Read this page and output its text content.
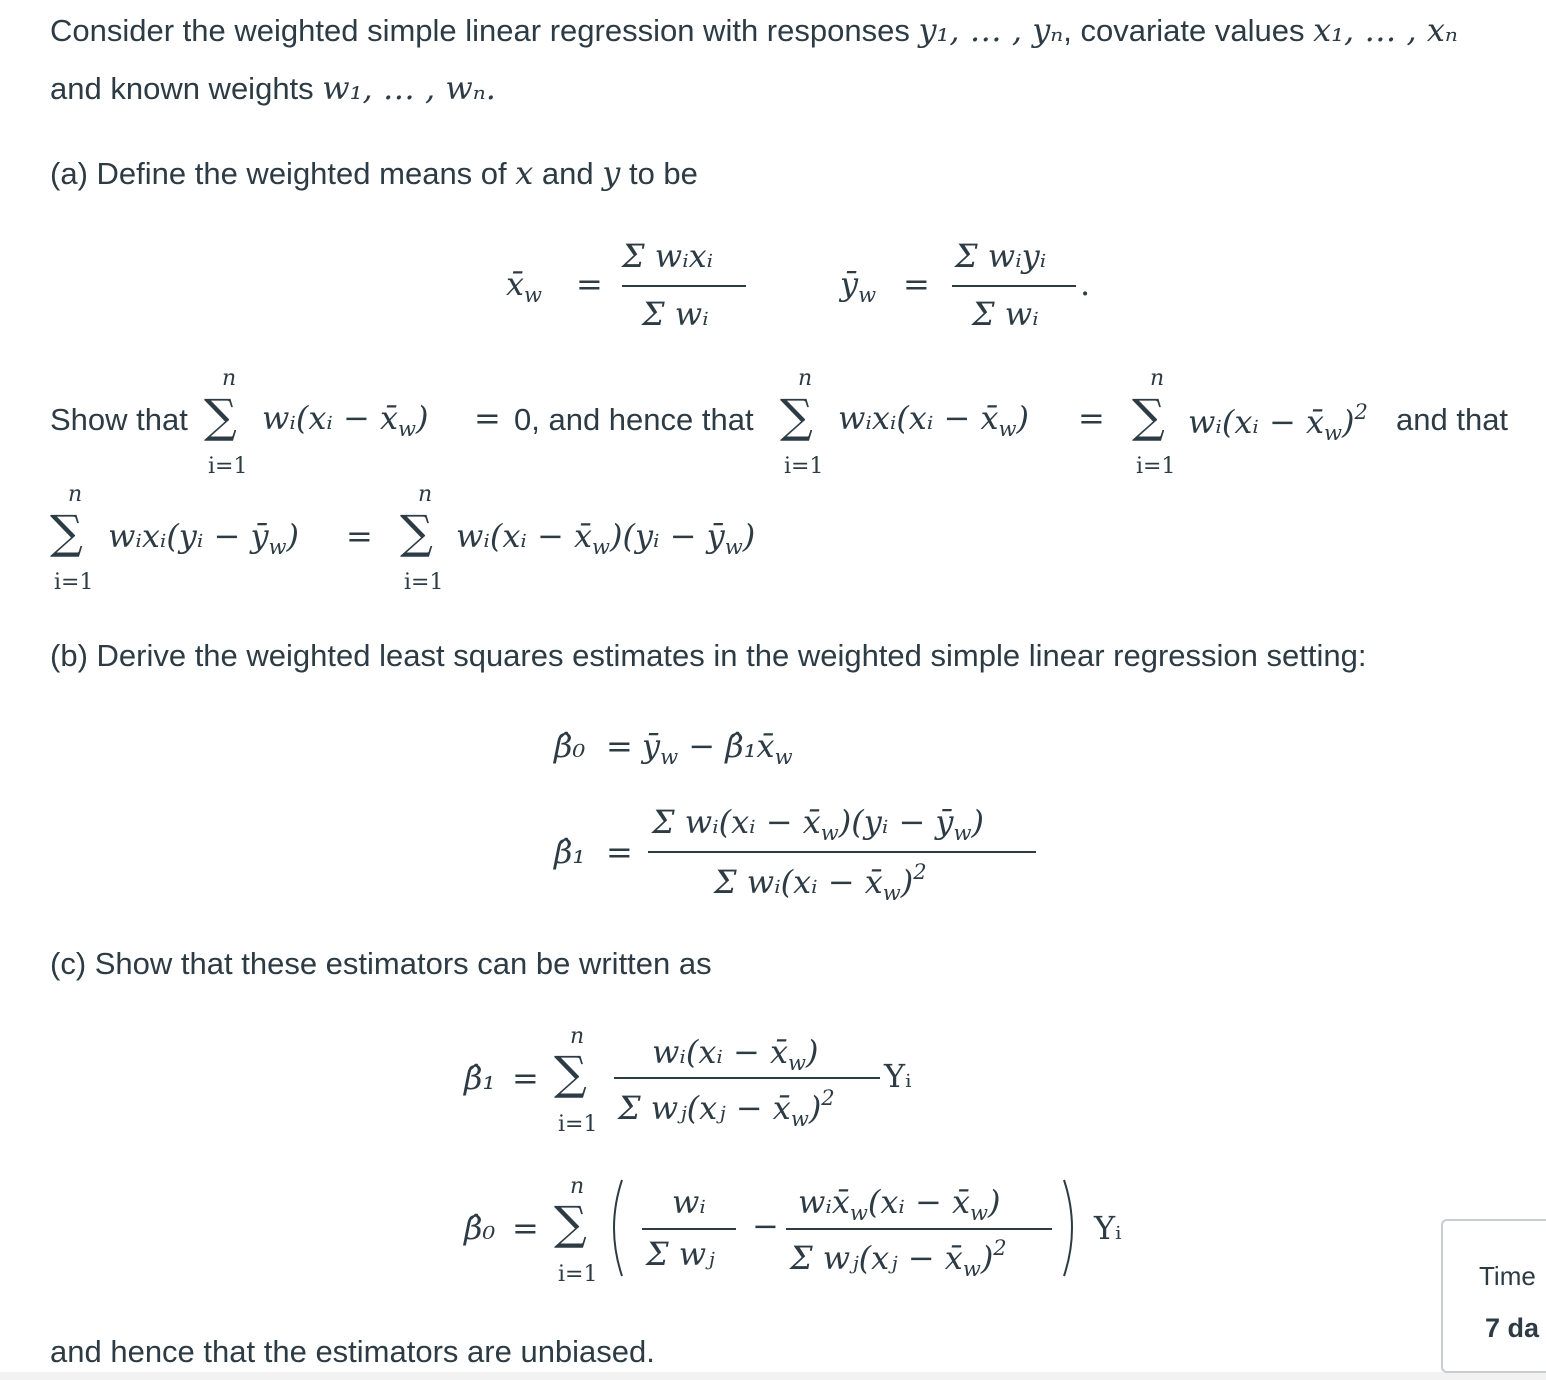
Consider the weighted simple linear regression with responses y₁, … , yₙ, covariate values x₁, … , xₙ
and known weights w₁, … , wₙ.
(a) Define the weighted means of x and y to be
$x̄_w$ =
Σ wᵢxᵢ
Σ wᵢ
$ȳ_w$ =
Σ wᵢyᵢ
Σ wᵢ
.
Show that
n
∑
i=1
wᵢ(xᵢ − $x̄_w) = 0$, and hence that
n
∑
i=1
wᵢxᵢ(xᵢ − $x̄_w$) =
n
∑
i=1
wᵢ(xᵢ − $x̄_w)^2$ and that
n
∑
i=1
wᵢxᵢ(yᵢ − $ȳ_w$) =
n
∑
i=1
wᵢ(xᵢ − $x̄_w)(yᵢ$ − $ȳ_w$)
(b) Derive the weighted least squares estimates in the weighted simple linear regression setting:
β̂₀ = $ȳ_w$ − $\betâ_1x̄_w$
β̂₁ =
Σ wᵢ(xᵢ − $x̄_w)(yᵢ$ − $ȳ_w$)
Σ wᵢ(xᵢ − $x̄_w)^2$
(c) Show that these estimators can be written as
β̂₁ =
n
∑
i=1
wᵢ(xᵢ − $x̄_w$)
Σ wⱼ(xⱼ − $x̄_w)^2$
Yᵢ
β̂₀ =
n
∑
i=1
wᵢ
Σ wⱼ
−
$wᵢx̄_w(xᵢ$ − $x̄_w$)
Σ wⱼ(xⱼ − $x̄_w)^2$
Yᵢ
and hence that the estimators are unbiased.
Time
7 da
